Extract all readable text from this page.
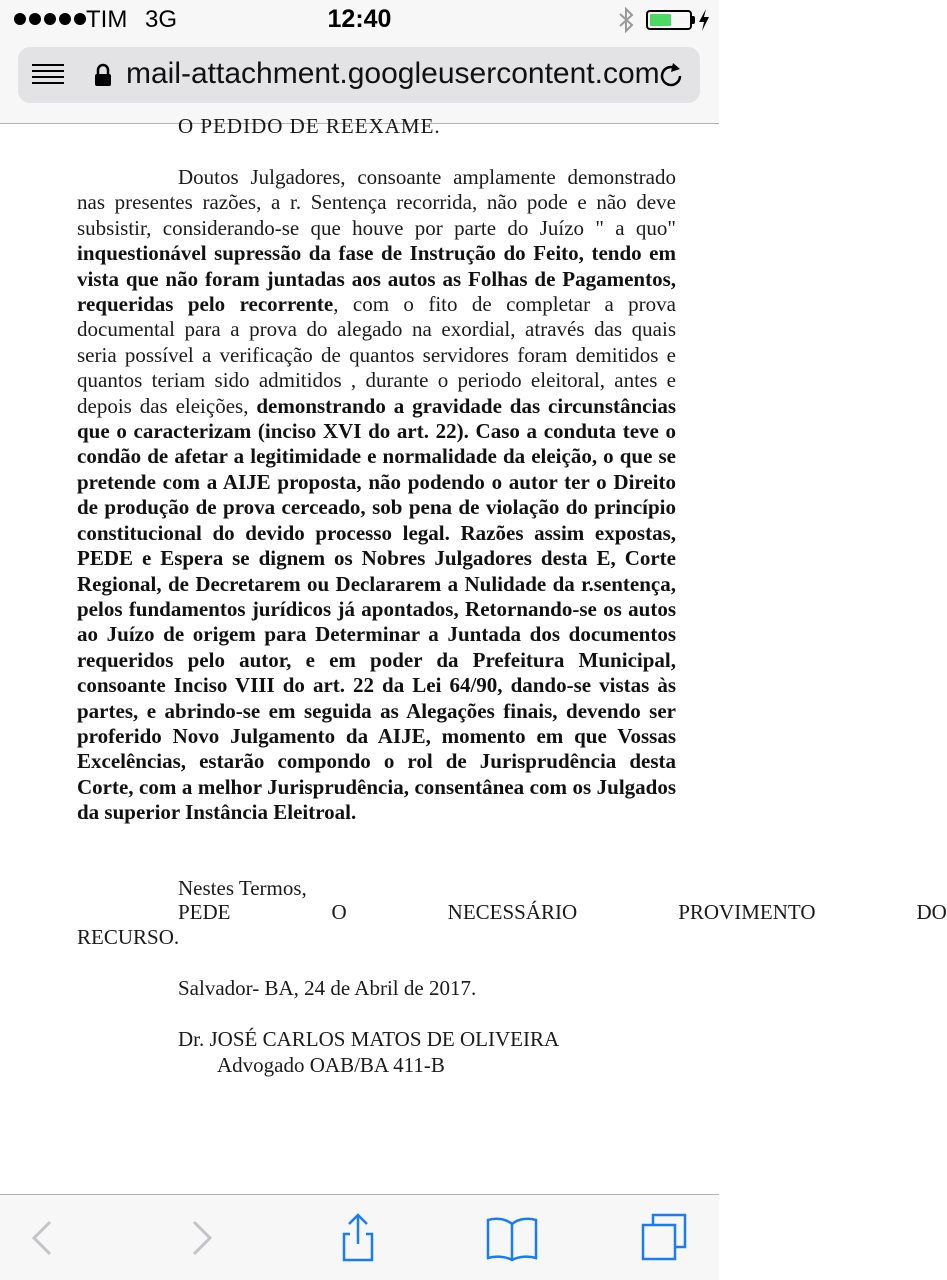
TIM 3G	12:40
mail-attachment.googleusercontent.com
O PEDIDO DE REEXAME.

Doutos Julgadores, consoante amplamente demonstrado nas presentes razões, a r. Sentença recorrida, não pode e não deve subsistir, considerando-se que houve por parte do Juízo " a quo" inquestionável supressão da fase de Instrução do Feito, tendo em vista que não foram juntadas aos autos as Folhas de Pagamentos, requeridas pelo recorrente, com o fito de completar a prova documental para a prova do alegado na exordial, através das quais seria possível a verificação de quantos servidores foram demitidos e quantos teriam sido admitidos , durante o periodo eleitoral, antes e depois das eleições, demonstrando a gravidade das circunstâncias que o caracterizam (inciso XVI do art. 22). Caso a conduta teve o condão de afetar a legitimidade e normalidade da eleição, o que se pretende com a AIJE proposta, não podendo o autor ter o Direito de produção de prova cerceado, sob pena de violação do princípio constitucional do devido processo legal. Razões assim expostas, PEDE e Espera se dignem os Nobres Julgadores desta E, Corte Regional, de Decretarem ou Declararem a Nulidade da r.sentença, pelos fundamentos jurídicos já apontados, Retornando-se os autos ao Juízo de origem para Determinar a Juntada dos documentos requeridos pelo autor, e em poder da Prefeitura Municipal, consoante Inciso VIII do art. 22 da Lei 64/90, dando-se vistas às partes, e abrindo-se em seguida as Alegações finais, devendo ser proferido Novo Julgamento da AIJE, momento em que Vossas Excelências, estarão compondo o rol de Jurisprudência desta Corte, com a melhor Jurisprudência, consentânea com os Julgados da superior Instância Eleitroal.

Nestes Termos,
PEDE	O	NECESSÁRIO	PROVIMENTO	DO
RECURSO.
Salvador- BA, 24 de Abril de 2017.
Dr. JOSÉ CARLOS MATOS DE OLIVEIRA
Advogado OAB/BA 411-B
